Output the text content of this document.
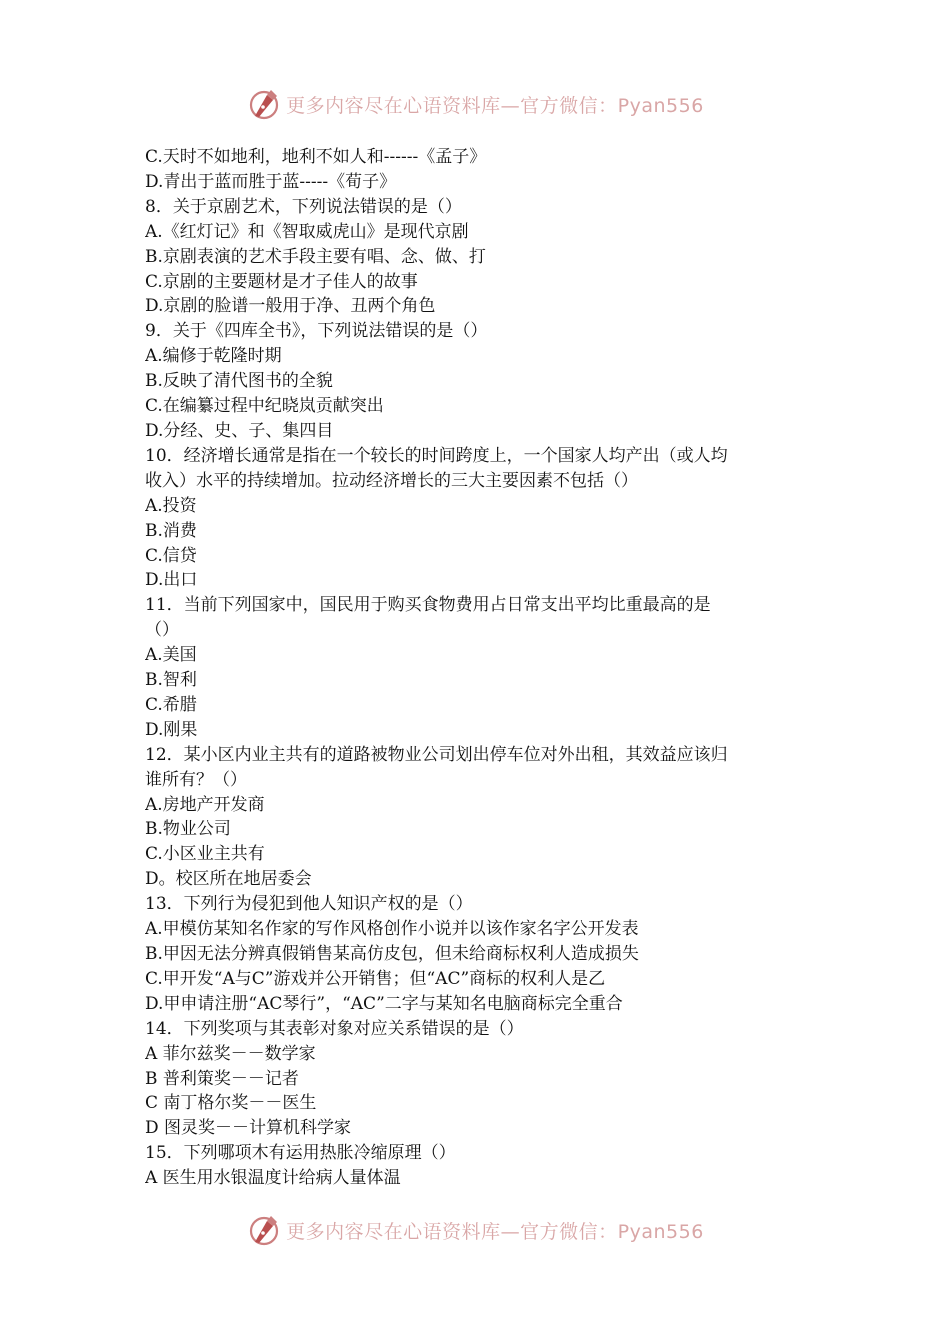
更多内容尽在心语资料库—官方微信：Pyan556
C.天时不如地利，地利不如人和------《孟子》
D.青出于蓝而胜于蓝-----《荀子》
8．关于京剧艺术，下列说法错误的是（）
A.《红灯记》和《智取威虎山》是现代京剧
B.京剧表演的艺术手段主要有唱、念、做、打
C.京剧的主要题材是才子佳人的故事
D.京剧的脸谱一般用于净、丑两个角色
9．关于《四库全书》，下列说法错误的是（）
A.编修于乾隆时期
B.反映了清代图书的全貌
C.在编纂过程中纪晓岚贡献突出
D.分经、史、子、集四目
10．经济增长通常是指在一个较长的时间跨度上，一个国家人均产出（或人均
收入）水平的持续增加。拉动经济增长的三大主要因素不包括（）
A.投资
B.消费
C.信贷
D.出口
11．当前下列国家中，国民用于购买食物费用占日常支出平均比重最高的是
（）
A.美国
B.智利
C.希腊
D.刚果
12．某小区内业主共有的道路被物业公司划出停车位对外出租，其效益应该归
谁所有？（）
A.房地产开发商
B.物业公司
C.小区业主共有
D。校区所在地居委会
13．下列行为侵犯到他人知识产权的是（）
A.甲模仿某知名作家的写作风格创作小说并以该作家名字公开发表
B.甲因无法分辨真假销售某高仿皮包，但未给商标权利人造成损失
C.甲开发“A与C”游戏并公开销售；但“AC”商标的权利人是乙
D.甲申请注册“AC琴行”，“AC”二字与某知名电脑商标完全重合
14．下列奖项与其表彰对象对应关系错误的是（）
A 菲尔兹奖－－数学家
B 普利策奖－－记者
C 南丁格尔奖－－医生
D 图灵奖－－计算机科学家
15．下列哪项木有运用热胀冷缩原理（）
A 医生用水银温度计给病人量体温
更多内容尽在心语资料库—官方微信：Pyan556
